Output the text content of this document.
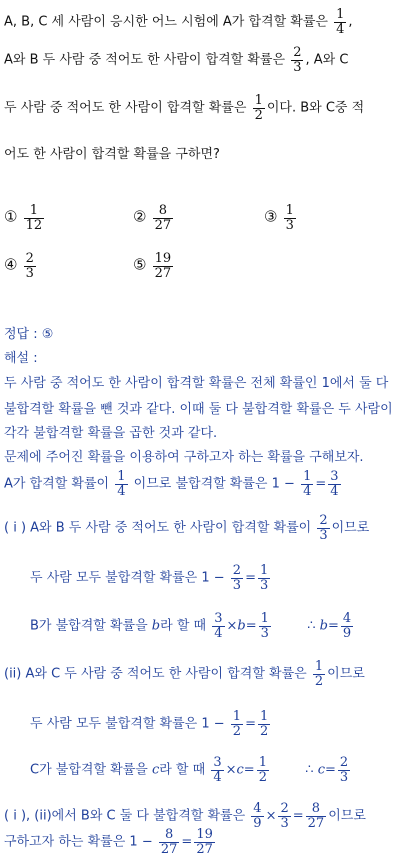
A, B, C 세 사람이 응시한 어느 시험에 A가 합격할 확률은 $\frac{1}{4}$ ,
A와 B 두 사람 중 적어도 한 사람이 합격할 확률은 $\frac{2}{3}$ , A와 C
두 사람 중 적어도 한 사람이 합격할 확률은 $\frac{1}{2}$ 이다. B와 C중 적
어도 한 사람이 합격할 확률을 구하면?
① $\frac{1}{12}$	② $\frac{8}{27}$	③ $\frac{1}{3}$
④ $\frac{2}{3}$	⑤ $\frac{19}{27}$
정답 : ⑤
해설 :
두 사람 중 적어도 한 사람이 합격할 확률은 전체 확률인 1에서 둘 다
불합격할 확률을 뺀 것과 같다. 이때 둘 다 불합격할 확률은 두 사람이
각각 불합격할 확률을 곱한 것과 같다.
문제에 주어진 확률을 이용하여 구하고자 하는 확률을 구해보자.
A가 합격할 확률이 $\frac{1}{4}$ 이므로 불합격할 확률은 $1 - \frac{1}{4} = \frac{3}{4}$
( i ) A와 B 두 사람 중 적어도 한 사람이 합격할 확률이 $\frac{2}{3}$ 이므로
두 사람 모두 불합격할 확률은 $1 - \frac{2}{3} = \frac{1}{3}$
B가 불합격할 확률을 b라 할 때 $\frac{3}{4} \times b= \frac{1}{3}$	∴ $b= \frac{4}{9}$
(ii) A와 C 두 사람 중 적어도 한 사람이 합격할 확률은 $\frac{1}{2}$ 이므로
두 사람 모두 불합격할 확률은 $1 - \frac{1}{2} = \frac{1}{2}$
C가 불합격할 확률을 c라 할 때 $\frac{3}{4} \times c= \frac{1}{2}$	∴ $c= \frac{2}{3}$
( i ), (ii)에서 B와 C 둘 다 불합격할 확률은 $\frac{4}{9} \times \frac{2}{3} = \frac{8}{27}$ 이므로
구하고자 하는 확률은 $1 - \frac{8}{27} = \frac{19}{27}$
